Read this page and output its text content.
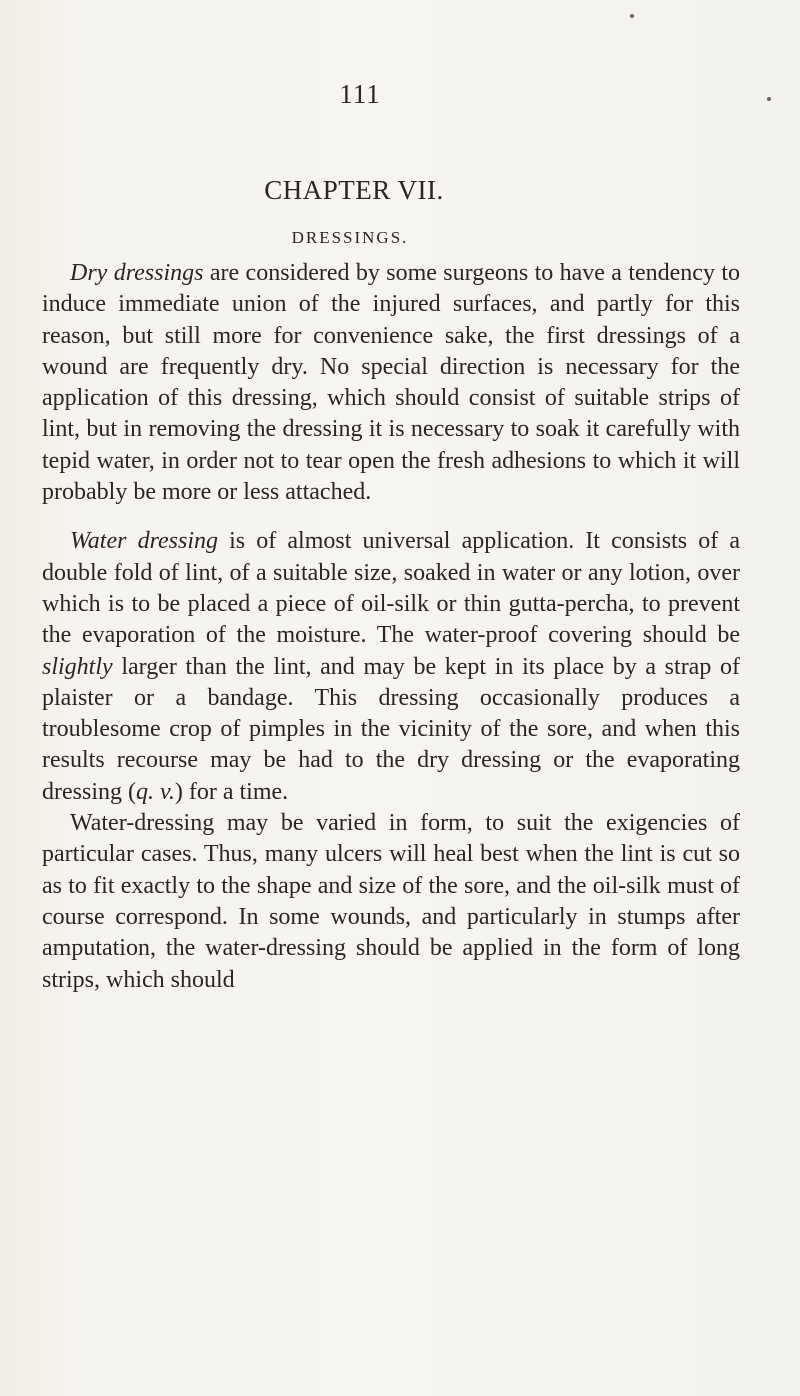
111
CHAPTER VII.
DRESSINGS.

Dry dressings are considered by some surgeons to have a tendency to induce immediate union of the injured surfaces, and partly for this reason, but still more for convenience sake, the first dressings of a wound are frequently dry. No special direction is necessary for the application of this dressing, which should consist of suitable strips of lint, but in removing the dressing it is necessary to soak it carefully with tepid water, in order not to tear open the fresh adhesions to which it will probably be more or less attached.

Water dressing is of almost universal application. It consists of a double fold of lint, of a suitable size, soaked in water or any lotion, over which is to be placed a piece of oil-silk or thin gutta-percha, to prevent the evaporation of the moisture. The water-proof covering should be slightly larger than the lint, and may be kept in its place by a strap of plaister or a bandage. This dressing occasionally produces a troublesome crop of pimples in the vicinity of the sore, and when this results recourse may be had to the dry dressing or the evaporating dressing (q. v.) for a time.

Water-dressing may be varied in form, to suit the exigencies of particular cases. Thus, many ulcers will heal best when the lint is cut so as to fit exactly to the shape and size of the sore, and the oil-silk must of course correspond. In some wounds, and particularly in stumps after amputation, the water-dressing should be applied in the form of long strips, which should
